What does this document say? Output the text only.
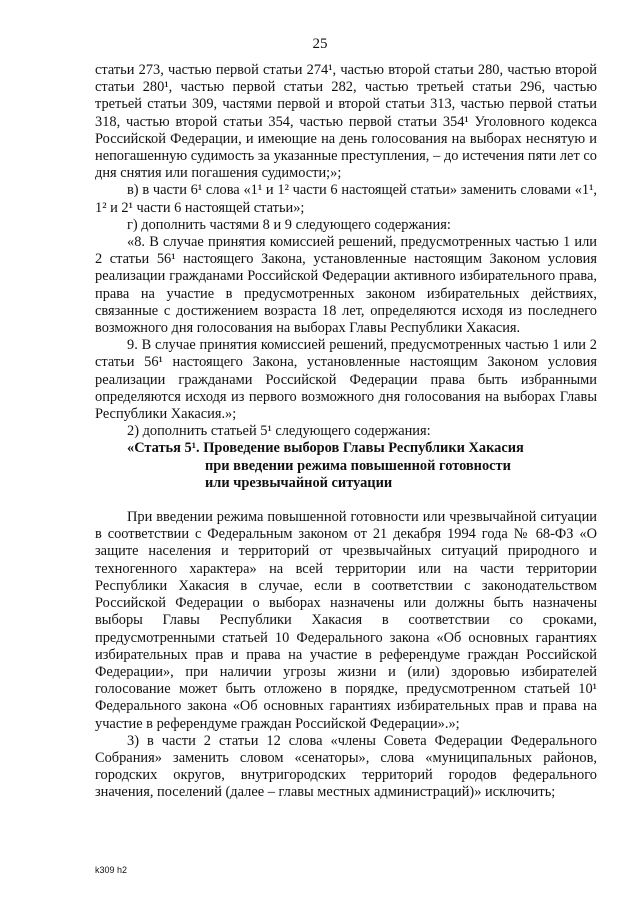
25

статьи 273, частью первой статьи 274¹, частью второй статьи 280, частью второй статьи 280¹, частью первой статьи 282, частью третьей статьи 296, частью третьей статьи 309, частями первой и второй статьи 313, частью первой статьи 318, частью второй статьи 354, частью первой статьи 354¹ Уголовного кодекса Российской Федерации, и имеющие на день голосования на выборах неснятую и непогашенную судимость за указанные преступления, – до истечения пяти лет со дня снятия или погашения судимости;»;

в) в части 6¹ слова «1¹ и 1² части 6 настоящей статьи» заменить словами «1¹, 1² и 2¹ части 6 настоящей статьи»;

г) дополнить частями 8 и 9 следующего содержания:

«8. В случае принятия комиссией решений, предусмотренных частью 1 или 2 статьи 56¹ настоящего Закона, установленные настоящим Законом условия реализации гражданами Российской Федерации активного избирательного права, права на участие в предусмотренных законом избирательных действиях, связанные с достижением возраста 18 лет, определяются исходя из последнего возможного дня голосования на выборах Главы Республики Хакасия.

9. В случае принятия комиссией решений, предусмотренных частью 1 или 2 статьи 56¹ настоящего Закона, установленные настоящим Законом условия реализации гражданами Российской Федерации права быть избранными определяются исходя из первого возможного дня голосования на выборах Главы Республики Хакасия.»;

2) дополнить статьей 5¹ следующего содержания:

«Статья 5¹. Проведение выборов Главы Республики Хакасия
при введении режима повышенной готовности
или чрезвычайной ситуации

При введении режима повышенной готовности или чрезвычайной ситуации в соответствии с Федеральным законом от 21 декабря 1994 года № 68-ФЗ «О защите населения и территорий от чрезвычайных ситуаций природного и техногенного характера» на всей территории или на части территории Республики Хакасия в случае, если в соответствии с законодательством Российской Федерации о выборах назначены или должны быть назначены выборы Главы Республики Хакасия в соответствии со сроками, предусмотренными статьей 10 Федерального закона «Об основных гарантиях избирательных прав и права на участие в референдуме граждан Российской Федерации», при наличии угрозы жизни и (или) здоровью избирателей голосование может быть отложено в порядке, предусмотренном статьей 10¹ Федерального закона «Об основных гарантиях избирательных прав и права на участие в референдуме граждан Российской Федерации».»;

3) в части 2 статьи 12 слова «члены Совета Федерации Федерального Собрания» заменить словом «сенаторы», слова «муниципальных районов, городских округов, внутригородских территорий городов федерального значения, поселений (далее – главы местных администраций)» исключить;

k309 h2
